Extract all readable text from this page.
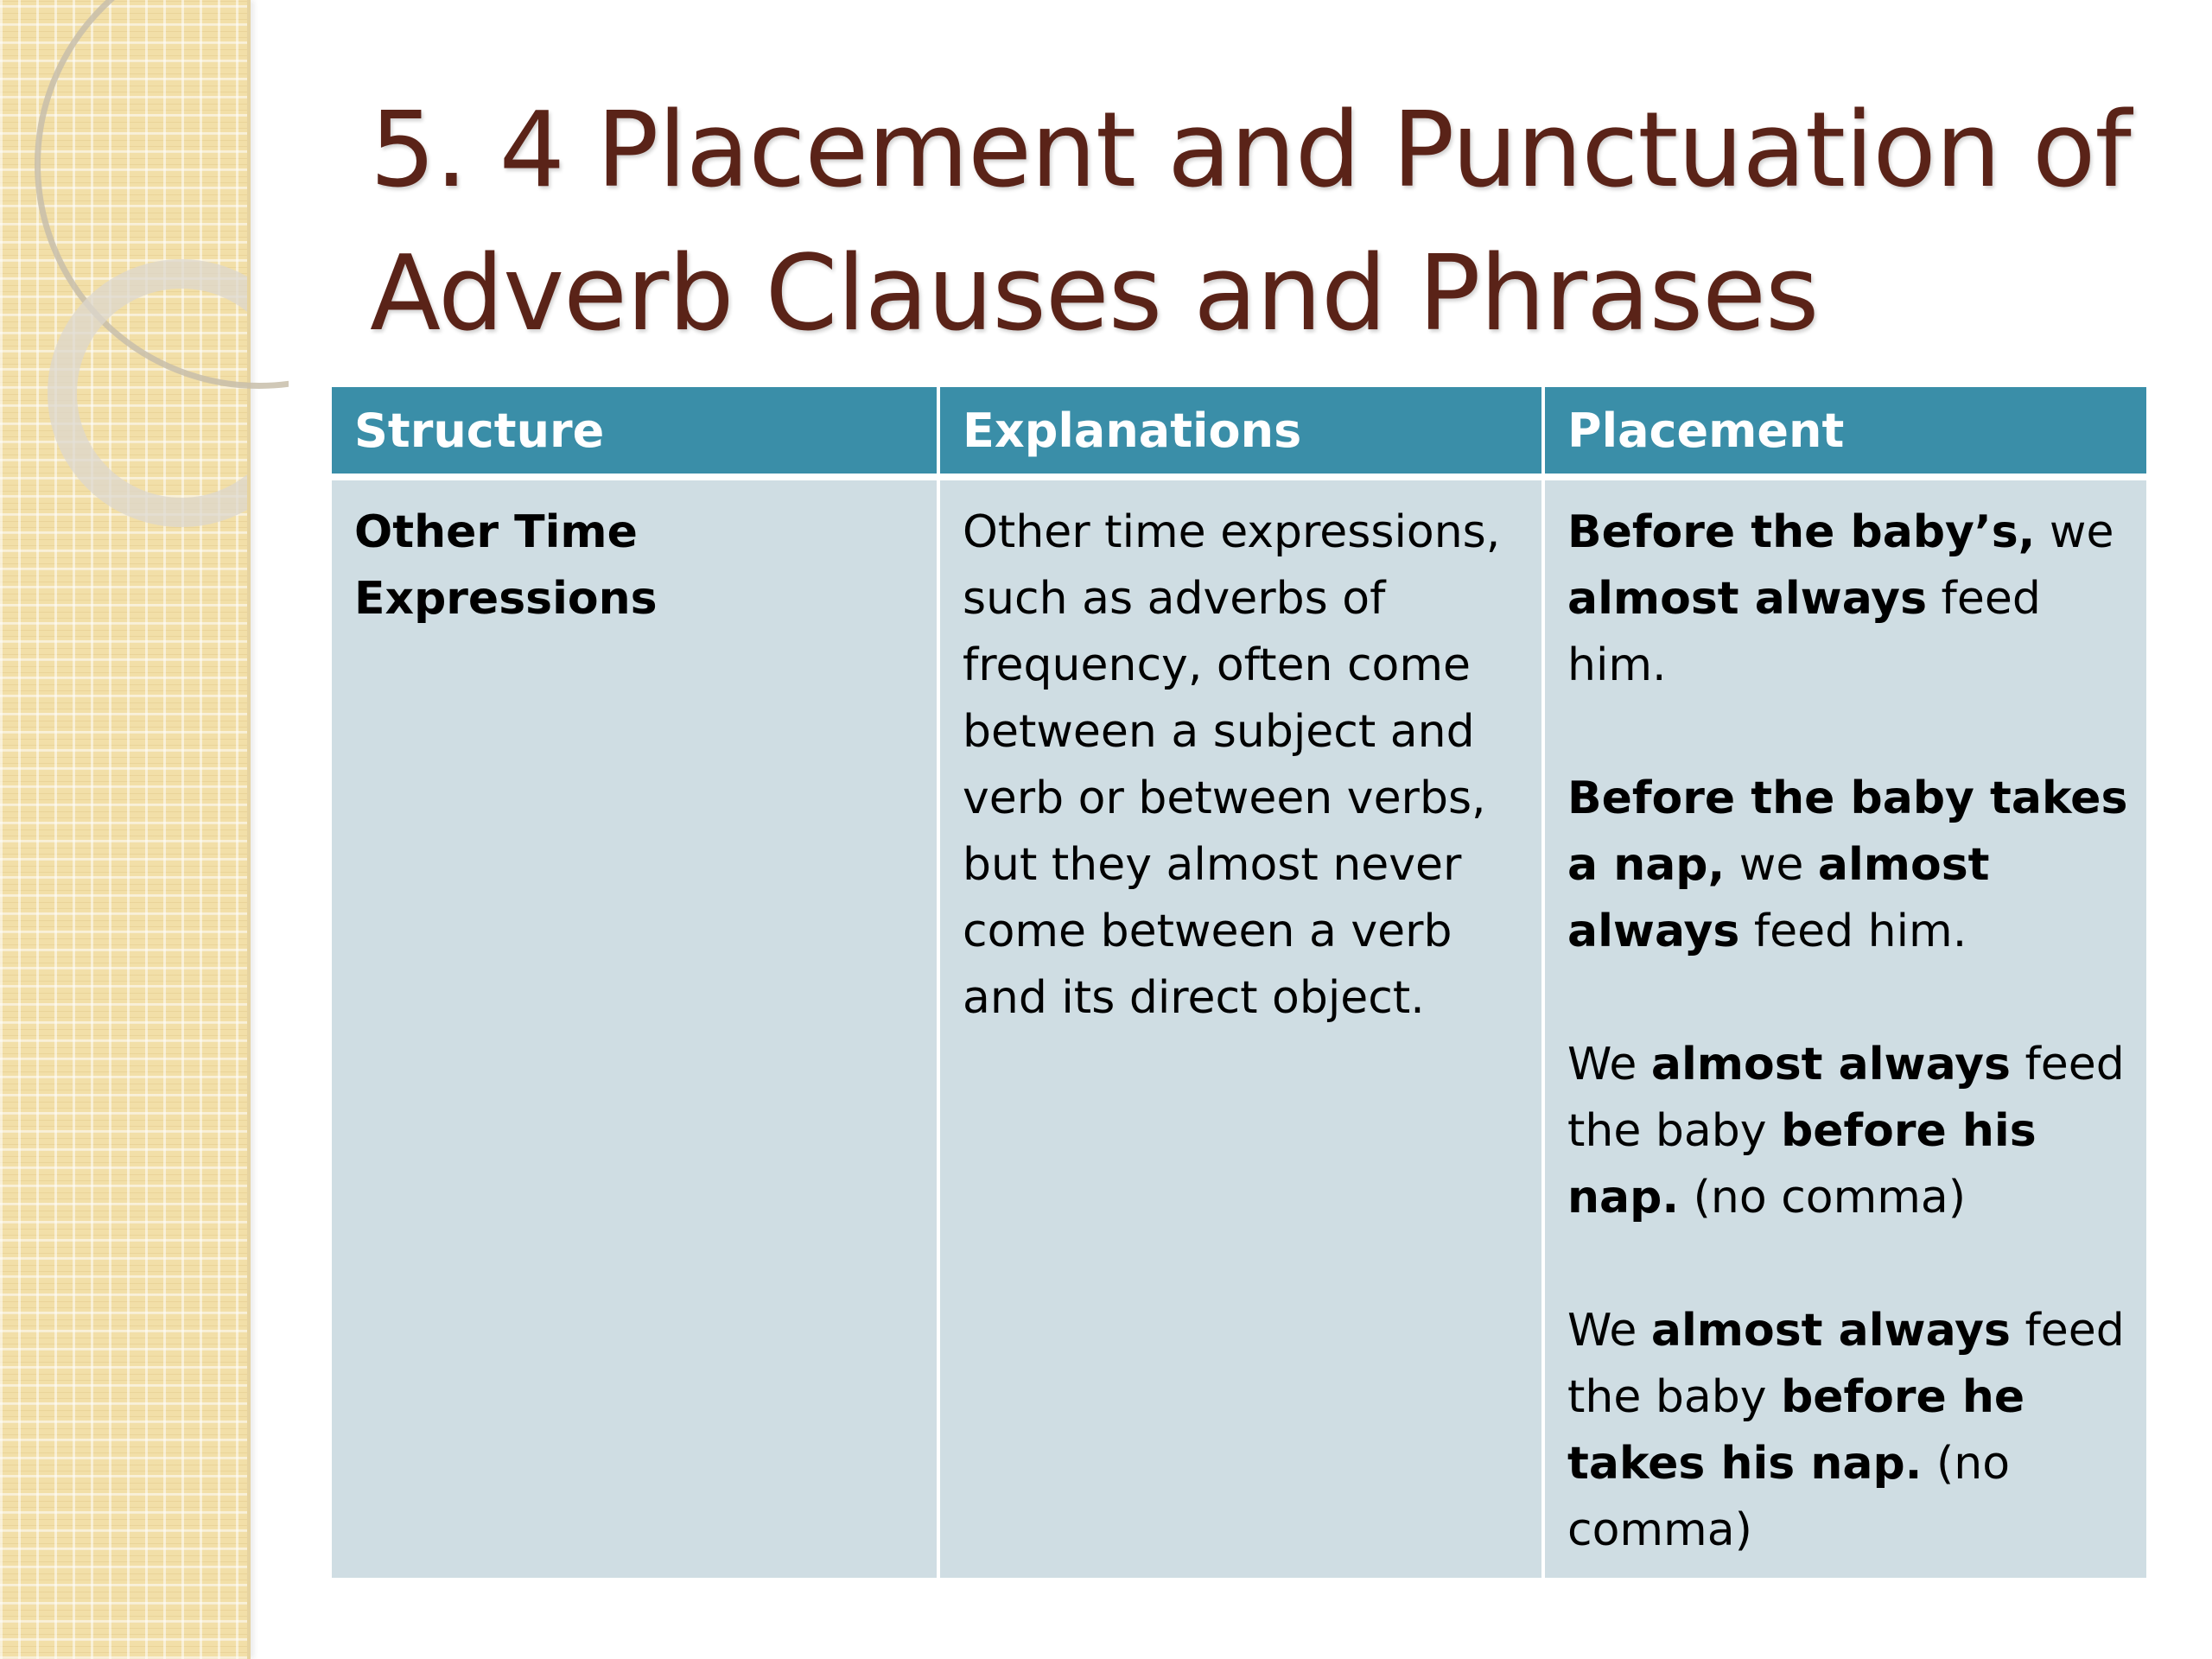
5. 4 Placement and Punctuation of
Adverb Clauses and Phrases
Structure	Explanations	Placement
Other Time Expressions	Other time expressions, such as adverbs of frequency, often come between a subject and verb or between verbs, but they almost never come between a verb and its direct object.	Before the baby’s, we almost always feed him.

Before the baby takes a nap, we almost always feed him.

We almost always feed the baby before his nap. (no comma)

We almost always feed the baby before he takes his nap. (no comma)
